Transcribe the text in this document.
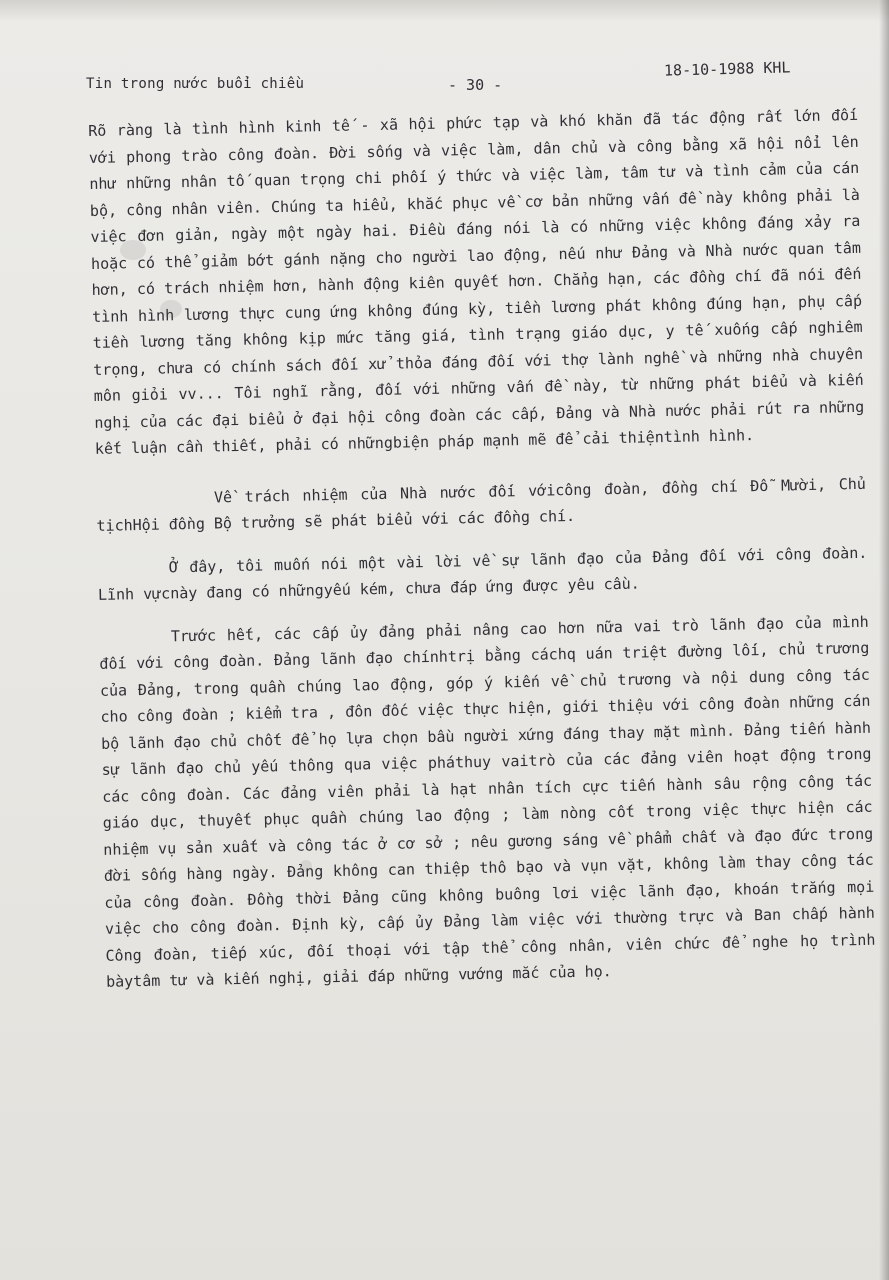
Tin trong nước buổi chiều	- 30 -
18-10-1988 KHL

Rõ ràng là tình hình kinh tế - xã hội phức tạp và khó khăn đã tác động rất lớn đối với phong trào công đoàn. Đời sống và việc làm, dân chủ và công bằng xã hội nổi lên như những nhân tố quan trọng chi phối ý thức và việc làm, tâm tư và tình cảm của cán bộ, công nhân viên. Chúng ta hiểu, khắc phục về cơ bản những vấn đề này không phải là việc đơn giản, ngày một ngày hai. Điều đáng nói là có những việc không đáng xảy ra hoặc có thể giảm bớt gánh nặng cho người lao động, nếu như Đảng và Nhà nước quan tâm hơn, có trách nhiệm hơn, hành động kiên quyết hơn. Chẳng hạn, các đồng chí đã nói đến tình hình lương thực cung ứng không đúng kỳ, tiền lương phát không đúng hạn, phụ cấp tiền lương tăng không kịp mức tăng giá, tình trạng giáo dục, y tế xuống cấp nghiêm trọng, chưa có chính sách đối xử thỏa đáng đối với thợ lành nghề và những nhà chuyên môn giỏi vv... Tôi nghĩ rằng, đối với những vấn đề này, từ những phát biểu và kiến nghị của các đại biểu ở đại hội công đoàn các cấp, Đảng và Nhà nước phải rút ra những kết luận cần thiết, phải có nhữngbiện pháp mạnh mẽ để cải thiệntình hình.

Về trách nhiệm của Nhà nước đối vớicông đoàn, đồng chí Đỗ Mười, Chủ tịchHội đồng Bộ trưởng sẽ phát biểu với các đồng chí.

Ở đây, tôi muốn nói một vài lời về sự lãnh đạo của Đảng đối với công đoàn. Lĩnh vựcnày đang có nhữngyếu kém, chưa đáp ứng được yêu cầu.

Trước hết, các cấp ủy đảng phải nâng cao hơn nữa vai trò lãnh đạo của mình đối với công đoàn. Đảng lãnh đạo chínhtrị bằng cáchq uán triệt đường lối, chủ trương của Đảng, trong quần chúng lao động, góp ý kiến về chủ trương và nội dung công tác cho công đoàn ; kiểm tra , đôn đốc việc thực hiện, giới thiệu với công đoàn những cán bộ lãnh đạo chủ chốt để họ lựa chọn bầu người xứng đáng thay mặt mình. Đảng tiến hành sự lãnh đạo chủ yếu thông qua việc pháthuy vaitrò của các đảng viên hoạt động trong các công đoàn. Các đảng viên phải là hạt nhân tích cực tiến hành sâu rộng công tác giáo dục, thuyết phục quần chúng lao động ; làm nòng cốt trong việc thực hiện các nhiệm vụ sản xuất và công tác ở cơ sở ; nêu gương sáng về phẩm chất và đạo đức trong đời sống hàng ngày. Đảng không can thiệp thô bạo và vụn vặt, không làm thay công tác của công đoàn. Đồng thời Đảng cũng không buông lơi việc lãnh đạo, khoán trắng mọi việc cho công đoàn. Định kỳ, cấp ủy Đảng làm việc với thường trực và Ban chấp hành Công đoàn, tiếp xúc, đối thoại với tập thể công nhân, viên chức để nghe họ trình bàytâm tư và kiến nghị, giải đáp những vướng mắc của họ.
